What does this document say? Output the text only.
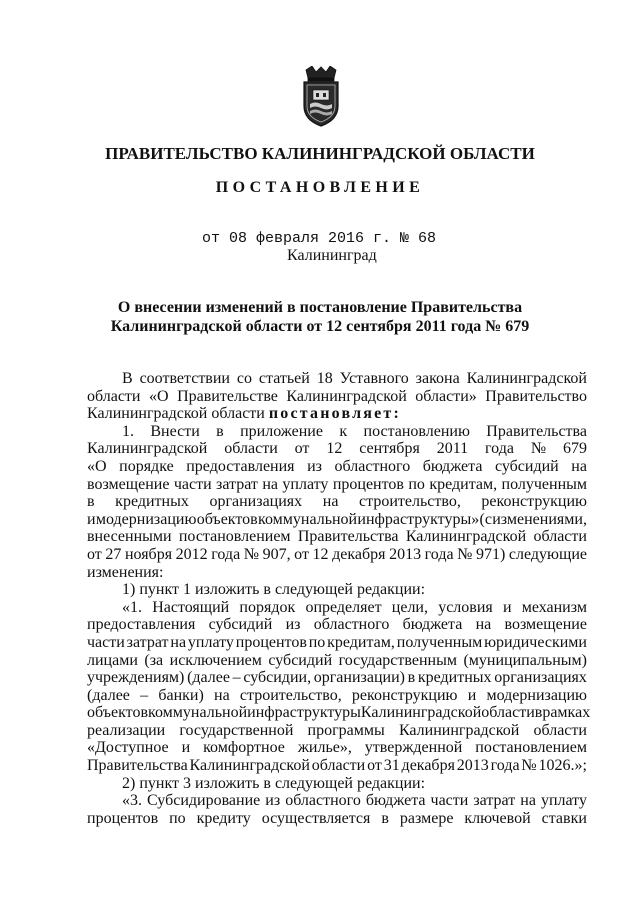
ПРАВИТЕЛЬСТВО КАЛИНИНГРАДСКОЙ ОБЛАСТИ
ПОСТАНОВЛЕНИЕ
от 08 февраля 2016 г. № 68
Калининград
О внесении изменений в постановление Правительства
Калининградской области от 12 сентября 2011 года № 679
В соответствии со статьей 18 Уставного закона Калининградской
области «О Правительстве Калининградской области» Правительство
Калининградской области
постановляет:
1. Внести в приложение к постановлению Правительства
Калининградской области от 12 сентября 2011 года № 679
«О порядке предоставления из областного бюджета субсидий на
возмещение части затрат на уплату процентов по кредитам, полученным
в кредитных организациях на строительство, реконструкцию
и модернизацию объектов коммунальной инфраструктуры» (с изменениями,
внесенными постановлением Правительства Калининградской области
от 27 ноября 2012 года № 907, от 12 декабря 2013 года № 971) следующие
изменения:
1) пункт 1 изложить в следующей редакции:
«1. Настоящий порядок определяет цели, условия и механизм
предоставления субсидий из областного бюджета на возмещение
части затрат на уплату процентов по кредитам, полученным юридическими
лицами (за исключением субсидий государственным (муниципальным)
учреждениям) (далее – субсидии, организации) в кредитных организациях
(далее – банки) на строительство, реконструкцию и модернизацию
объектов коммунальной инфраструктуры Калининградской области в рамках
реализации государственной программы Калининградской области
«Доступное и комфортное жилье», утвержденной постановлением
Правительства Калининградской области от 31 декабря 2013 года № 1026.»;
2) пункт 3 изложить в следующей редакции:
«3. Субсидирование из областного бюджета части затрат на уплату
процентов по кредиту осуществляется в размере ключевой ставки
